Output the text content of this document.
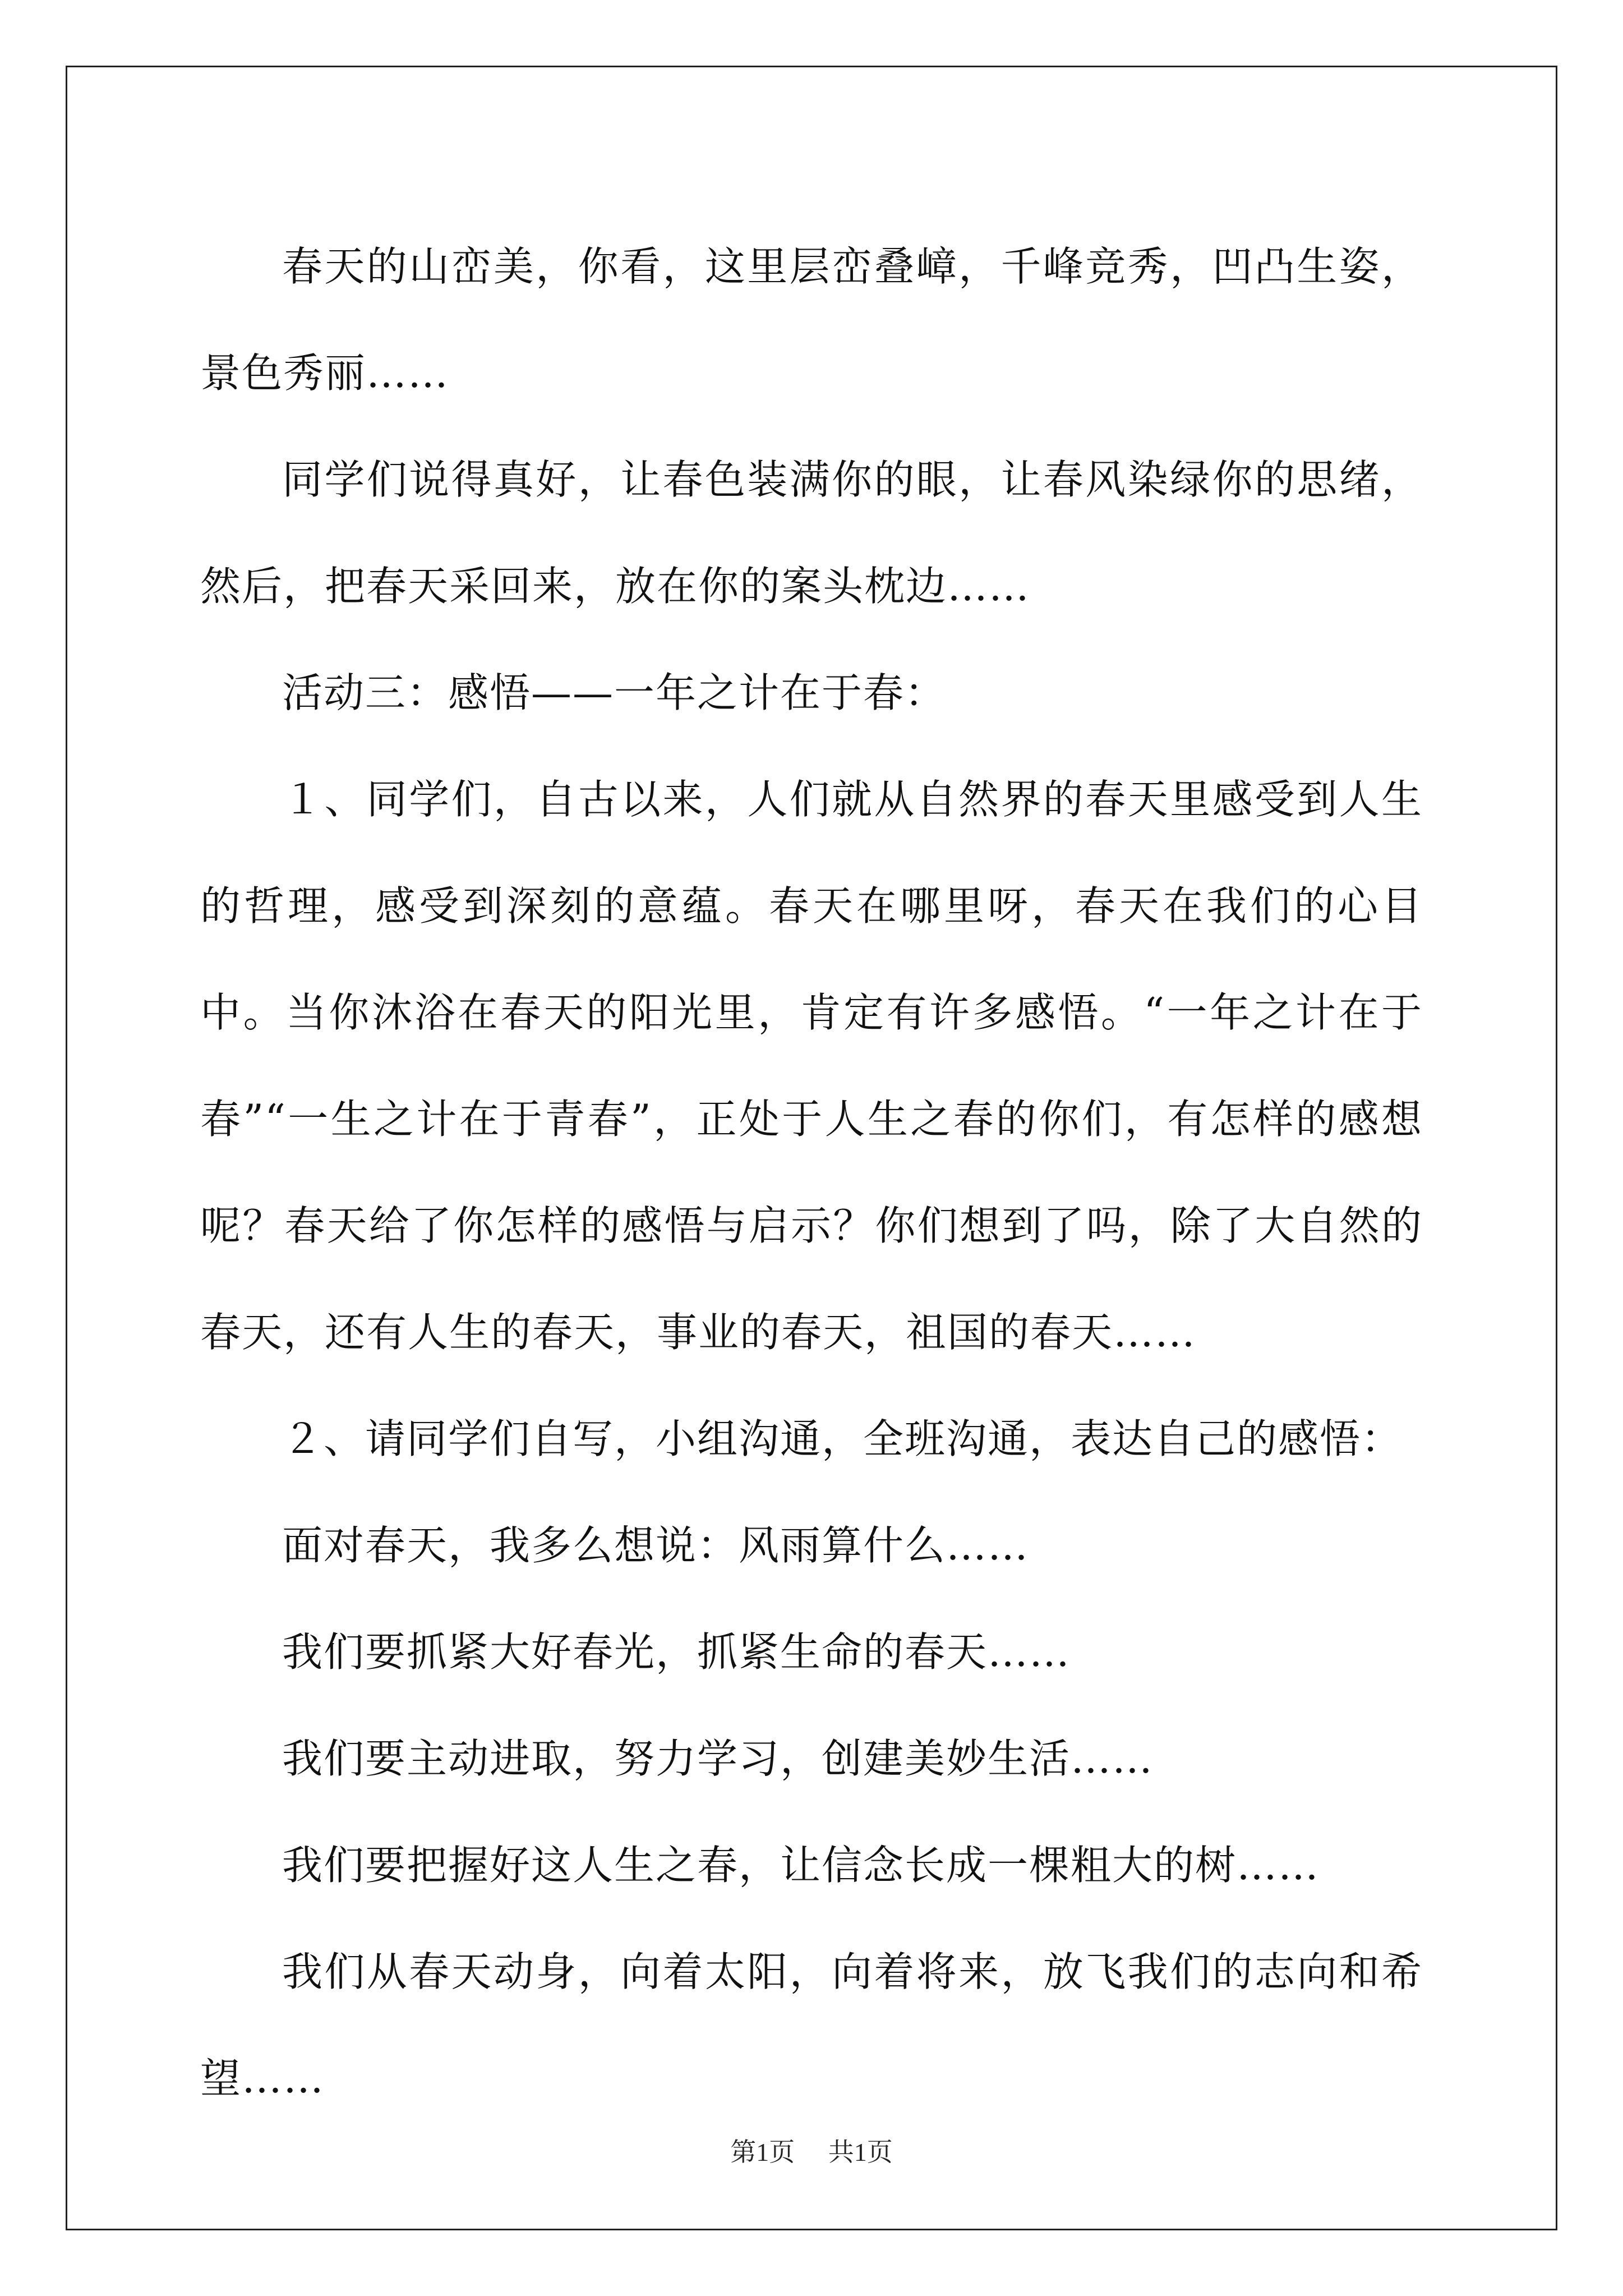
春天的山峦美，你看，这里层峦叠嶂，千峰竞秀，凹凸生姿，景色秀丽……

同学们说得真好，让春色装满你的眼，让春风染绿你的思绪，然后，把春天采回来，放在你的案头枕边……

活动三：感悟——一年之计在于春：

１、同学们，自古以来，人们就从自然界的春天里感受到人生的哲理，感受到深刻的意蕴。春天在哪里呀，春天在我们的心目中。当你沐浴在春天的阳光里，肯定有许多感悟。“一年之计在于春”“一生之计在于青春”，正处于人生之春的你们，有怎样的感想呢？春天给了你怎样的感悟与启示？你们想到了吗，除了大自然的春天，还有人生的春天，事业的春天，祖国的春天……

２、请同学们自写，小组沟通，全班沟通，表达自己的感悟：

面对春天，我多么想说：风雨算什么……

我们要抓紧大好春光，抓紧生命的春天……

我们要主动进取，努力学习，创建美妙生活……

我们要把握好这人生之春，让信念长成一棵粗大的树……

我们从春天动身，向着太阳，向着将来，放飞我们的志向和希望……

第1页 共1页
